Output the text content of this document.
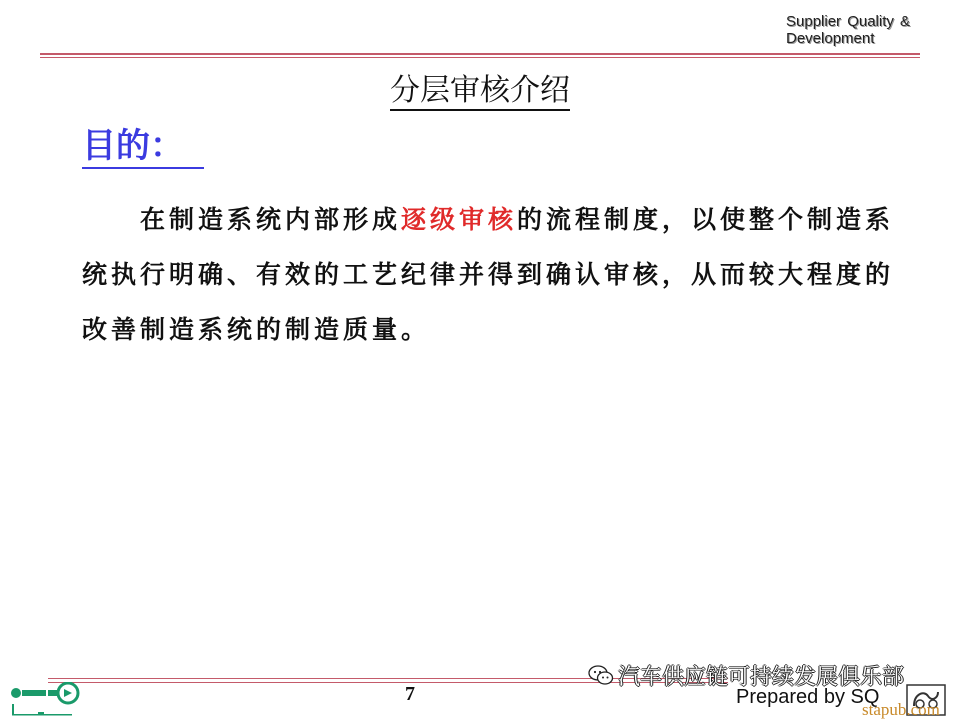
Supplier Quality & Development
分层审核介绍
目的：
在制造系统内部形成逐级审核的流程制度，以使整个制造系统执行明确、有效的工艺纪律并得到确认审核，从而较大程度的改善制造系统的制造质量。
7
汽车供应链可持续发展俱乐部
Prepared by SQ
stapub.com
